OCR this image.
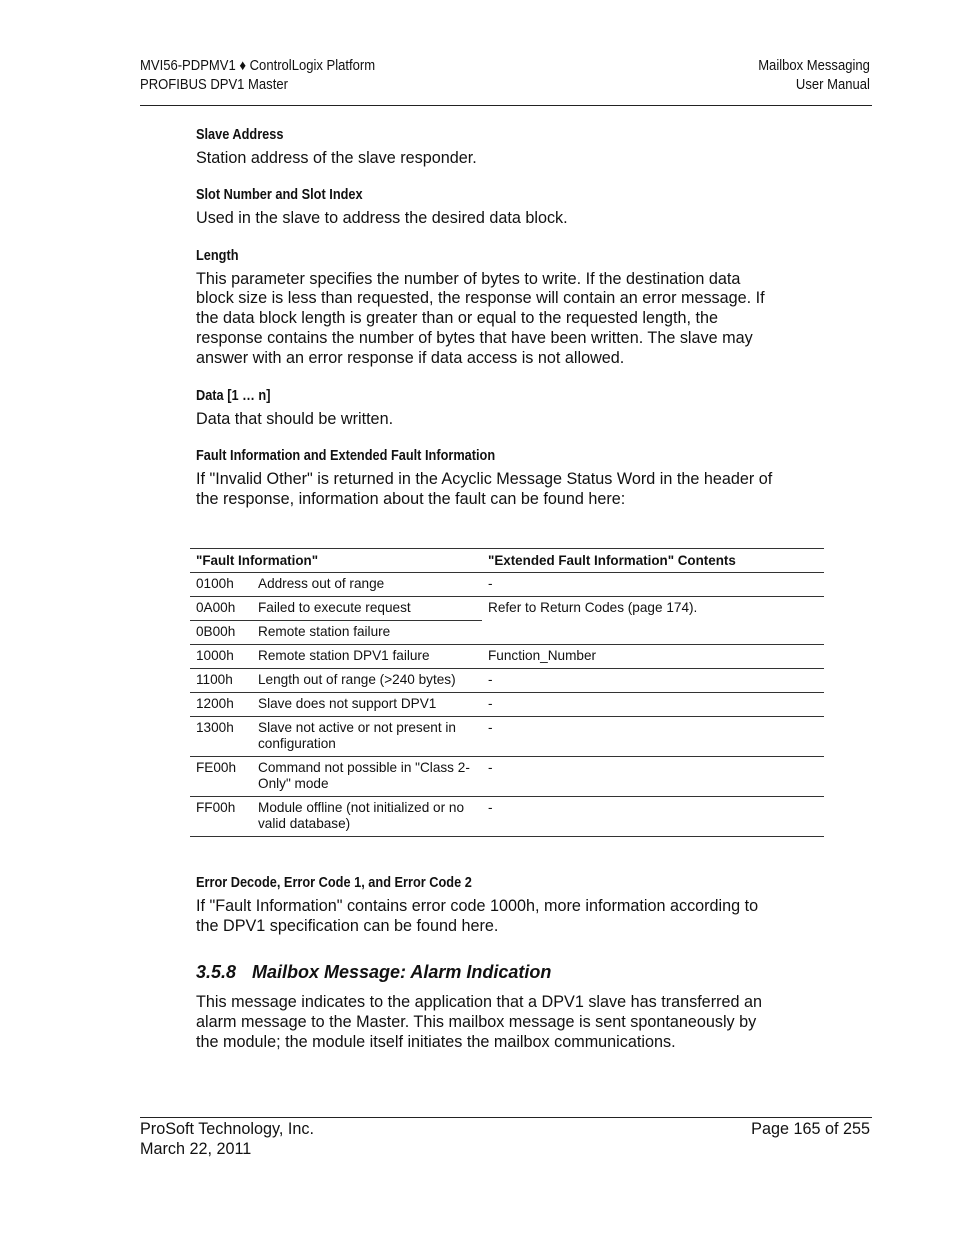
MVI56-PDPMV1 ♦ ControlLogix Platform
PROFIBUS DPV1 Master
Mailbox Messaging
User Manual
Slave Address

Station address of the slave responder.

Slot Number and Slot Index

Used in the slave to address the desired data block.

Length

This parameter specifies the number of bytes to write. If the destination data
block size is less than requested, the response will contain an error message. If
the data block length is greater than or equal to the requested length, the
response contains the number of bytes that have been written. The slave may
answer with an error response if data access is not allowed.

Data [1 … n]

Data that should be written.

Fault Information and Extended Fault Information

If "Invalid Other" is returned in the Acyclic Message Status Word in the header of
the response, information about the fault can be found here:

"Fault Information"		"Extended Fault Information" Contents
0100h	Address out of range	-
0A00h	Failed to execute request	Refer to Return Codes (page 174).
0B00h	Remote station failure	
1000h	Remote station DPV1 failure	Function_Number
1100h	Length out of range (>240 bytes)	-
1200h	Slave does not support DPV1	-
1300h	Slave not active or not present in
configuration	-
FE00h	Command not possible in "Class 2-
Only" mode	-
FF00h	Module offline (not initialized or no
valid database)	-
Error Decode, Error Code 1, and Error Code 2

If "Fault Information" contains error code 1000h, more information according to
the DPV1 specification can be found here.

3.5.8 Mailbox Message: Alarm Indication

This message indicates to the application that a DPV1 slave has transferred an
alarm message to the Master. This mailbox message is sent spontaneously by
the module; the module itself initiates the mailbox communications.

ProSoft Technology, Inc.
March 22, 2011
Page 165 of 255
